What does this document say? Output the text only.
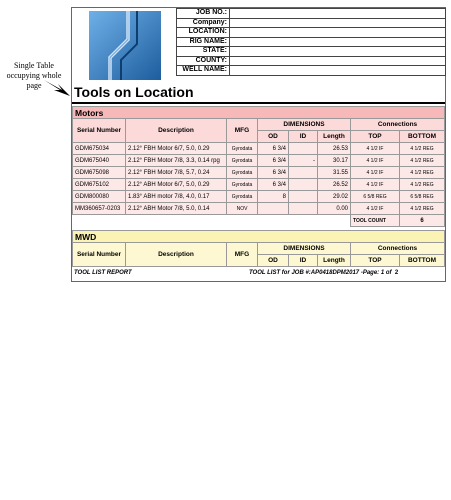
Single Table occupying whole page
JOB NO.:	
Company:	
LOCATION:	
RIG NAME:	
STATE:	
COUNTY:	
WELL NAME:	
Tools on Location
Motors							
Serial Number	Description	MFG	DIMENSIONS			Connections	
			OD	ID	Length	TOP	BOTTOM
GDM675034	2.12° FBH Motor 6/7, 5.0, 0.29	Gyrodata	6 3/4		26.53	4 1/2 IF	4 1/2 REG
GDM675040	2.12° FBH Motor 7/8, 3.3, 0.14 rpg	Gyrodata	6 3/4	-	30.17	4 1/2 IF	4 1/2 REG
GDM675098	2.12° FBH Motor 7/8, 5.7, 0.24	Gyrodata	6 3/4		31.55	4 1/2 IF	4 1/2 REG
GDM675102	2.12° ABH Motor 6/7, 5.0, 0.29	Gyrodata	6 3/4		26.52	4 1/2 IF	4 1/2 REG
GDM800080	1.83° ABH motor 7/8, 4.0, 0.17	Gyrodata	8		29.02	6 5/8 REG	6 5/8 REG
MM360657-0203	2.12° ABH Motor 7/8, 5.0, 0.14	NOV			0.00	4 1/2 IF	4 1/2 REG
						TOOL COUNT	6
MWD							
Serial Number	Description	MFG	DIMENSIONS			Connections	
			OD	ID	Length	TOP	BOTTOM
TOOL LIST REPORT	TOOL LIST for JOB #:AP0418DPM2017 -Page: 1 of 2
